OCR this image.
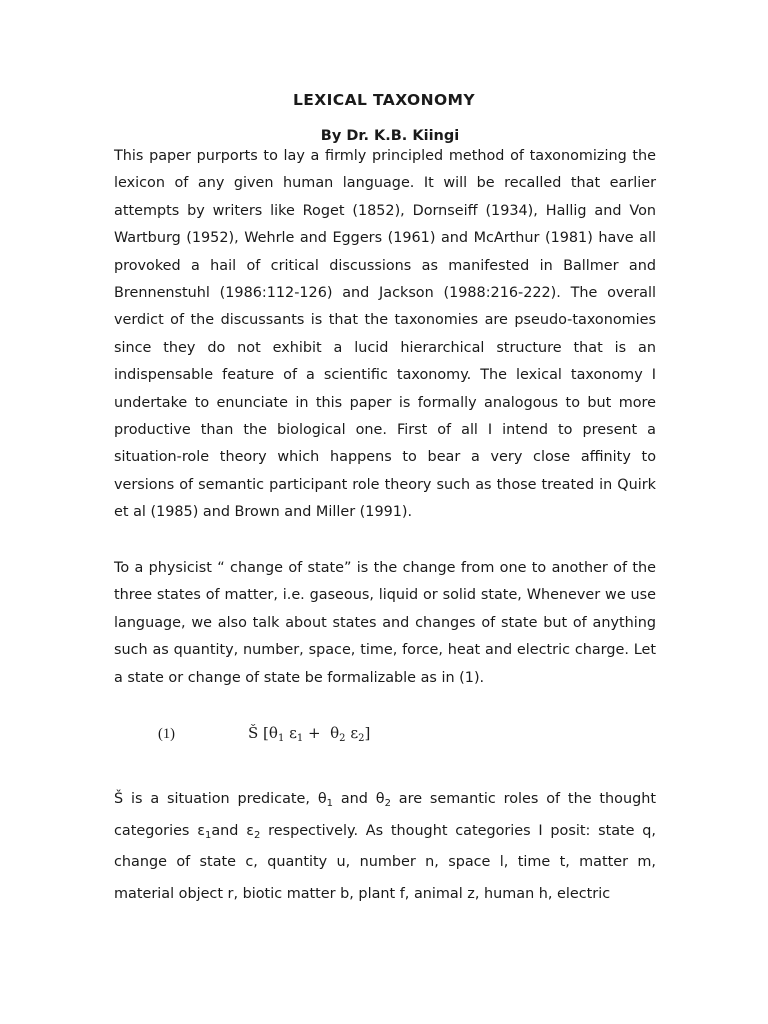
LEXICAL TAXONOMY
By Dr. K.B. Kiingi

This paper purports to lay a firmly principled method of taxonomizing the lexicon of any given human language. It will be recalled that earlier attempts by writers like Roget (1852), Dornseiff (1934), Hallig and Von Wartburg (1952), Wehrle and Eggers (1961) and McArthur (1981) have all provoked a hail of critical discussions as manifested in Ballmer and Brennenstuhl (1986:112-126) and Jackson (1988:216-222). The overall verdict of the discussants is that the taxonomies are pseudo-taxonomies since they do not exhibit a lucid hierarchical structure that is an indispensable feature of a scientific taxonomy. The lexical taxonomy I undertake to enunciate in this paper is formally analogous to but more productive than the biological one. First of all I intend to present a situation-role theory which happens to bear a very close affinity to versions of semantic participant role theory such as those treated in Quirk et al (1985) and Brown and Miller (1991).

To a physicist “ change of state” is the change from one to another of the three states of matter, i.e. gaseous, liquid or solid state, Whenever we use language, we also talk about states and changes of state but of anything such as quantity, number, space, time, force, heat and electric charge. Let a state or change of state be formalizable as in (1).

(1)	Š [$\theta_1$ $\varepsilon_1 + \theta_2$ $\varepsilon_2$]

Š is a situation predicate, $\theta_1$ and $\theta_2$ are semantic roles of the thought categories $\varepsilon_1and$ $\varepsilon_2$ respectively. As thought categories I posit: state q, change of state c, quantity u, number n, space l, time t, matter m, material object r, biotic matter b, plant f, animal z, human h, electric
